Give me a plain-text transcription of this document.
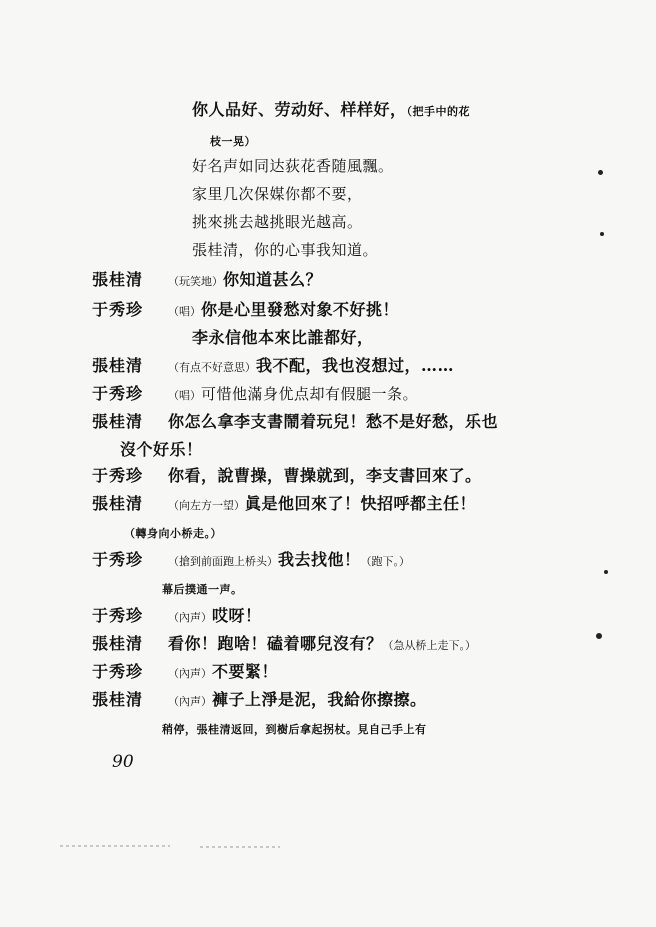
你人品好、劳动好、样样好，（把手中的花
枝一晃）
好名声如同达荻花香随風飄。
家里几次保媒你都不要，
挑來挑去越挑眼光越高。
張桂清，你的心事我知道。
張桂清 （玩笑地）你知道甚么？
于秀珍 （唱）你是心里發愁对象不好挑！
李永信他本來比誰都好，
張桂清 （有点不好意思）我不配，我也沒想过，……
于秀珍 （唱）可惜他滿身优点却有假腿一条。
張桂清 你怎么拿李支書鬧着玩兒！愁不是好愁，乐也
沒个好乐！
于秀珍 你看，說曹操，曹操就到，李支書回來了。
張桂清 （向左方一望）眞是他回來了！快招呼都主任！
（轉身向小桥走。）
于秀珍 （搶到前面跑上桥头）我去找他！（跑下。）
幕后撲通一声。
于秀珍 （內声）哎呀！
張桂清 看你！跑啥！磕着哪兒沒有？（急从桥上走下。）
于秀珍 （內声）不要緊！
張桂清 （內声）褲子上淨是泥，我給你擦擦。
稍停，張桂清返回，到樹后拿起拐杖。見自己手上有
90
